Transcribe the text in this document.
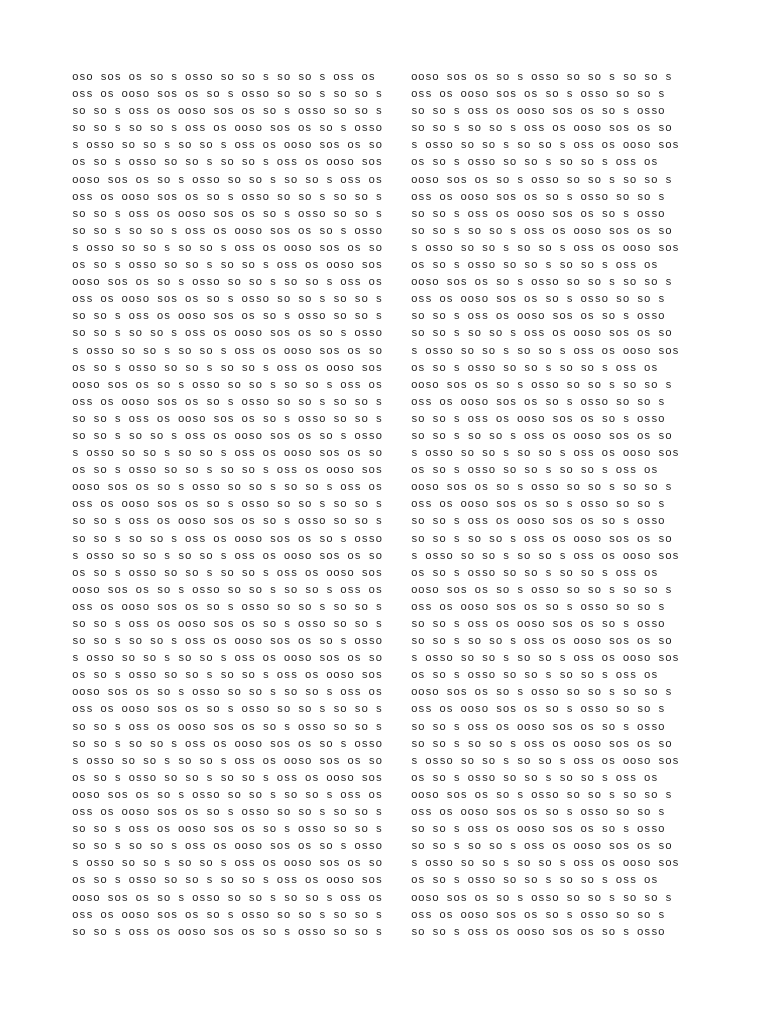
oso sos os so s osso so so s so so s oss os
oss os ooso sos os so s osso so so s so so s
so so s oss os ooso sos os so s osso so so s
so so s so so s oss os ooso sos os so s osso
s osso so so s so so s oss os ooso sos os so
os so s osso so so s so so s oss os ooso sos
ooso sos os so s osso so so s so so s oss os
oss os ooso sos os so s osso so so s so so s
so so s oss os ooso sos os so s osso so so s
so so s so so s oss os ooso sos os so s osso
s osso so so s so so s oss os ooso sos os so
os so s osso so so s so so s oss os ooso sos
ooso sos os so s osso so so s so so s oss os
oss os ooso sos os so s osso so so s so so s
so so s oss os ooso sos os so s osso so so s
so so s so so s oss os ooso sos os so s osso
s osso so so s so so s oss os ooso sos os so
os so s osso so so s so so s oss os ooso sos
ooso sos os so s osso so so s so so s oss os
oss os ooso sos os so s osso so so s so so s
so so s oss os ooso sos os so s osso so so s
so so s so so s oss os ooso sos os so s osso
s osso so so s so so s oss os ooso sos os so
os so s osso so so s so so s oss os ooso sos
ooso sos os so s osso so so s so so s oss os
oss os ooso sos os so s osso so so s so so s
so so s oss os ooso sos os so s osso so so s
so so s so so s oss os ooso sos os so s osso
s osso so so s so so s oss os ooso sos os so
os so s osso so so s so so s oss os ooso sos
ooso sos os so s osso so so s so so s oss os
oss os ooso sos os so s osso so so s so so s
so so s oss os ooso sos os so s osso so so s
so so s so so s oss os ooso sos os so s osso
s osso so so s so so s oss os ooso sos os so
os so s osso so so s so so s oss os ooso sos
ooso sos os so s osso so so s so so s oss os
oss os ooso sos os so s osso so so s so so s
so so s oss os ooso sos os so s osso so so s
so so s so so s oss os ooso sos os so s osso
s osso so so s so so s oss os ooso sos os so
os so s osso so so s so so s oss os ooso sos
ooso sos os so s osso so so s so so s oss os
oss os ooso sos os so s osso so so s so so s
so so s oss os ooso sos os so s osso so so s
so so s so so s oss os ooso sos os so s osso
s osso so so s so so s oss os ooso sos os so
os so s osso so so s so so s oss os ooso sos
ooso sos os so s osso so so s so so s oss os
oss os ooso sos os so s osso so so s so so s
so so s oss os ooso sos os so s osso so so s
ooso sos os so s osso so so s so so s
oss os ooso sos os so s osso so so s
so so s oss os ooso sos os so s osso
so so s so so s oss os ooso sos os so
s osso so so s so so s oss os ooso sos
os so s osso so so s so so s oss os
ooso sos os so s osso so so s so so s
oss os ooso sos os so s osso so so s
so so s oss os ooso sos os so s osso
so so s so so s oss os ooso sos os so
s osso so so s so so s oss os ooso sos
os so s osso so so s so so s oss os
ooso sos os so s osso so so s so so s
oss os ooso sos os so s osso so so s
so so s oss os ooso sos os so s osso
so so s so so s oss os ooso sos os so
s osso so so s so so s oss os ooso sos
os so s osso so so s so so s oss os
ooso sos os so s osso so so s so so s
oss os ooso sos os so s osso so so s
so so s oss os ooso sos os so s osso
so so s so so s oss os ooso sos os so
s osso so so s so so s oss os ooso sos
os so s osso so so s so so s oss os
ooso sos os so s osso so so s so so s
oss os ooso sos os so s osso so so s
so so s oss os ooso sos os so s osso
so so s so so s oss os ooso sos os so
s osso so so s so so s oss os ooso sos
os so s osso so so s so so s oss os
ooso sos os so s osso so so s so so s
oss os ooso sos os so s osso so so s
so so s oss os ooso sos os so s osso
so so s so so s oss os ooso sos os so
s osso so so s so so s oss os ooso sos
os so s osso so so s so so s oss os
ooso sos os so s osso so so s so so s
oss os ooso sos os so s osso so so s
so so s oss os ooso sos os so s osso
so so s so so s oss os ooso sos os so
s osso so so s so so s oss os ooso sos
os so s osso so so s so so s oss os
ooso sos os so s osso so so s so so s
oss os ooso sos os so s osso so so s
so so s oss os ooso sos os so s osso
so so s so so s oss os ooso sos os so
s osso so so s so so s oss os ooso sos
os so s osso so so s so so s oss os
ooso sos os so s osso so so s so so s
oss os ooso sos os so s osso so so s
so so s oss os ooso sos os so s osso
